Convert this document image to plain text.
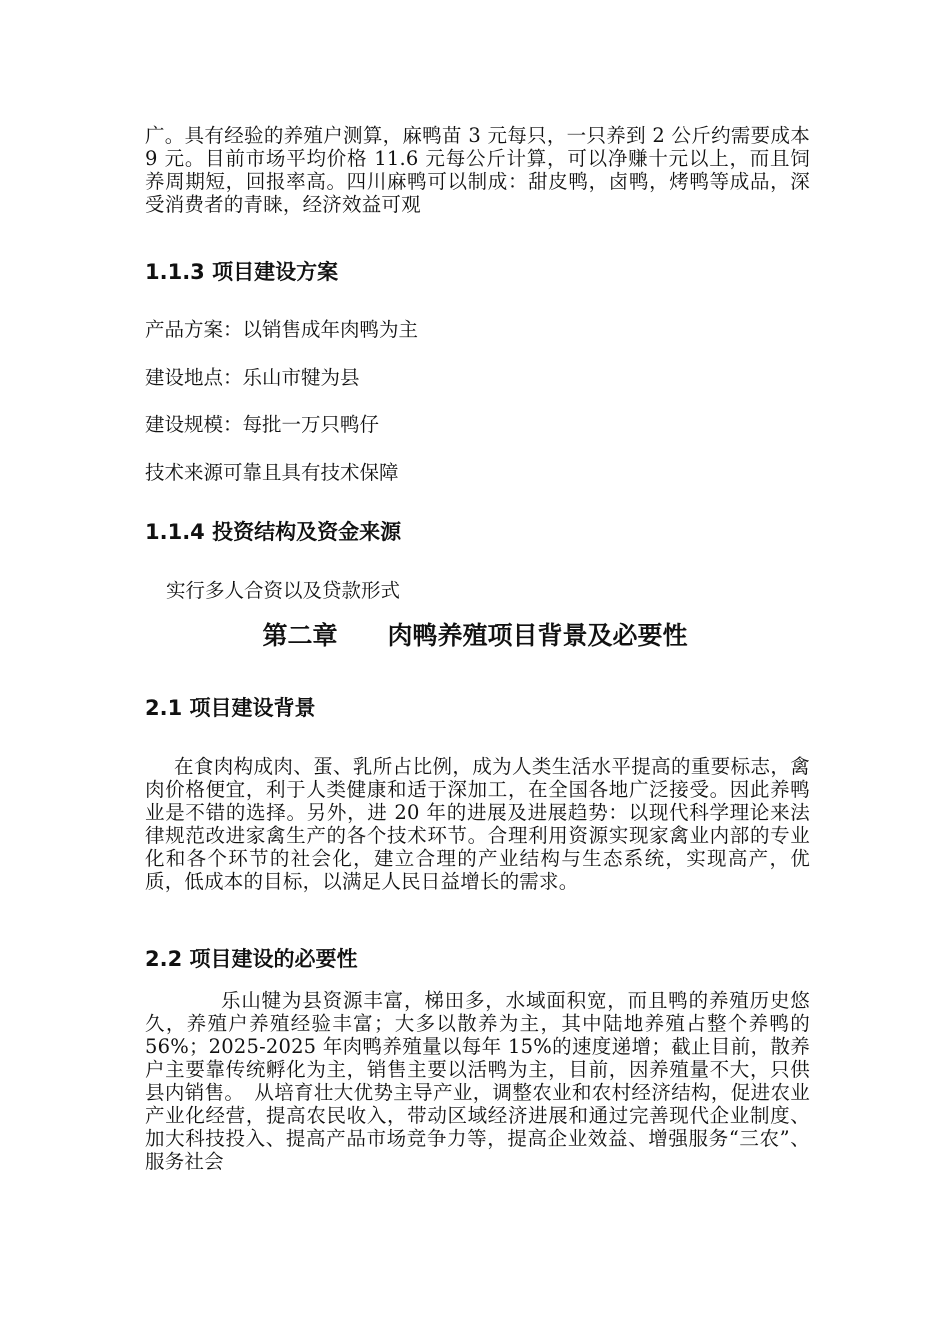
广。具有经验的养殖户测算，麻鸭苗 3 元每只，一只养到 2 公斤约需要成本 9 元。目前市场平均价格 11.6 元每公斤计算，可以净赚十元以上，而且饲养周期短，回报率高。四川麻鸭可以制成：甜皮鸭，卤鸭，烤鸭等成品，深受消费者的青睐，经济效益可观

1.1.3 项目建设方案

产品方案：以销售成年肉鸭为主

建设地点：乐山市犍为县

建设规模：每批一万只鸭仔

技术来源可靠且具有技术保障

1.1.4 投资结构及资金来源

实行多人合资以及贷款形式

第二章　　肉鸭养殖项目背景及必要性
2.1 项目建设背景

在食肉构成肉、蛋、乳所占比例，成为人类生活水平提高的重要标志，禽肉价格便宜，利于人类健康和适于深加工，在全国各地广泛接受。因此养鸭业是不错的选择。另外，进 20 年的进展及进展趋势：以现代科学理论来法律规范改进家禽生产的各个技术环节。合理利用资源实现家禽业内部的专业化和各个环节的社会化，建立合理的产业结构与生态系统，实现高产，优质，低成本的目标，以满足人民日益增长的需求。

2.2 项目建设的必要性

乐山犍为县资源丰富，梯田多，水域面积宽，而且鸭的养殖历史悠久，养殖户养殖经验丰富；大多以散养为主，其中陆地养殖占整个养鸭的 56%；2025-2025 年肉鸭养殖量以每年 15%的速度递增；截止目前，散养户主要靠传统孵化为主，销售主要以活鸭为主，目前，因养殖量不大，只供县内销售。　从培育壮大优势主导产业，调整农业和农村经济结构，促进农业产业化经营，提高农民收入，带动区域经济进展和通过完善现代企业制度、加大科技投入、提高产品市场竞争力等，提高企业效益、增强服务“三农”、服务社会
